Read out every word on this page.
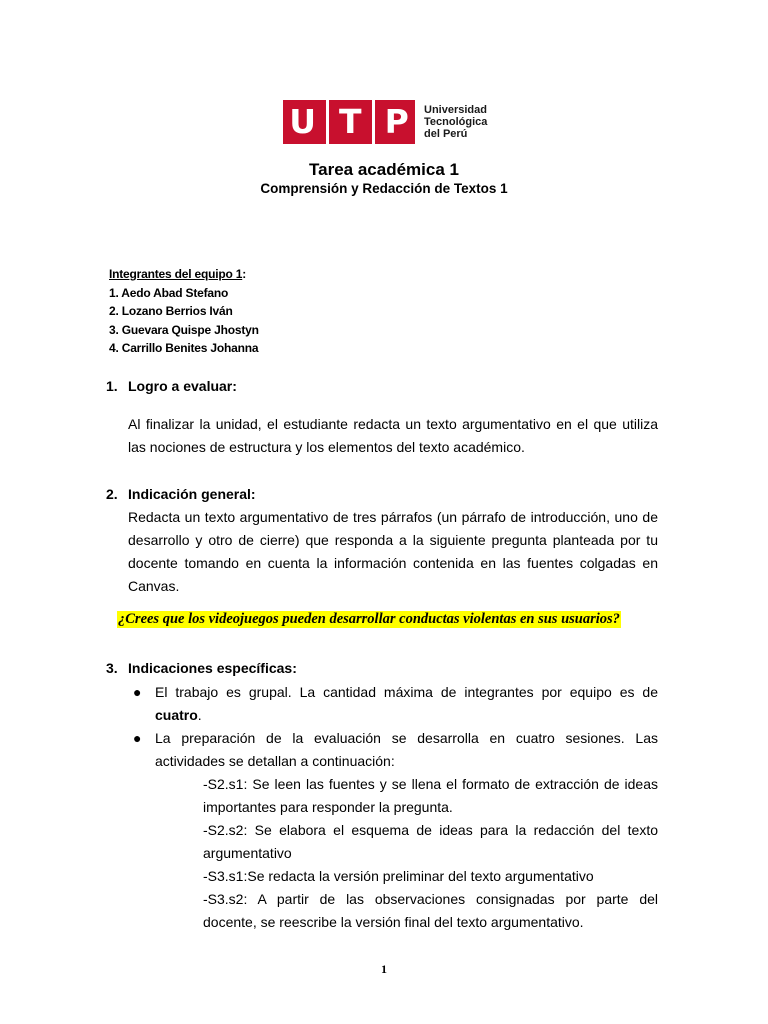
U T P	Universidad
Tecnológica
del Perú
Tarea académica 1
Comprensión y Redacción de Textos 1
Integrantes del equipo 1:
1. Aedo Abad Stefano
2. Lozano Berrios Iván
3. Guevara Quispe Jhostyn
4. Carrillo Benites Johanna
1. Logro a evaluar:
Al finalizar la unidad, el estudiante redacta un texto argumentativo en el que utiliza
las nociones de estructura y los elementos del texto académico.
2. Indicación general:
Redacta un texto argumentativo de tres párrafos (un párrafo de introducción, uno de
desarrollo y otro de cierre) que responda a la siguiente pregunta planteada por tu
docente tomando en cuenta la información contenida en las fuentes colgadas en
Canvas.
¿Crees que los videojuegos pueden desarrollar conductas violentas en sus usuarios?
3. Indicaciones específicas:
● El trabajo es grupal. La cantidad máxima de integrantes por equipo es de
cuatro.
● La preparación de la evaluación se desarrolla en cuatro sesiones. Las
actividades se detallan a continuación:
-S2.s1: Se leen las fuentes y se llena el formato de extracción de ideas
importantes para responder la pregunta.
-S2.s2: Se elabora el esquema de ideas para la redacción del texto
argumentativo
-S3.s1:Se redacta la versión preliminar del texto argumentativo
-S3.s2: A partir de las observaciones consignadas por parte del
docente, se reescribe la versión final del texto argumentativo.
1
